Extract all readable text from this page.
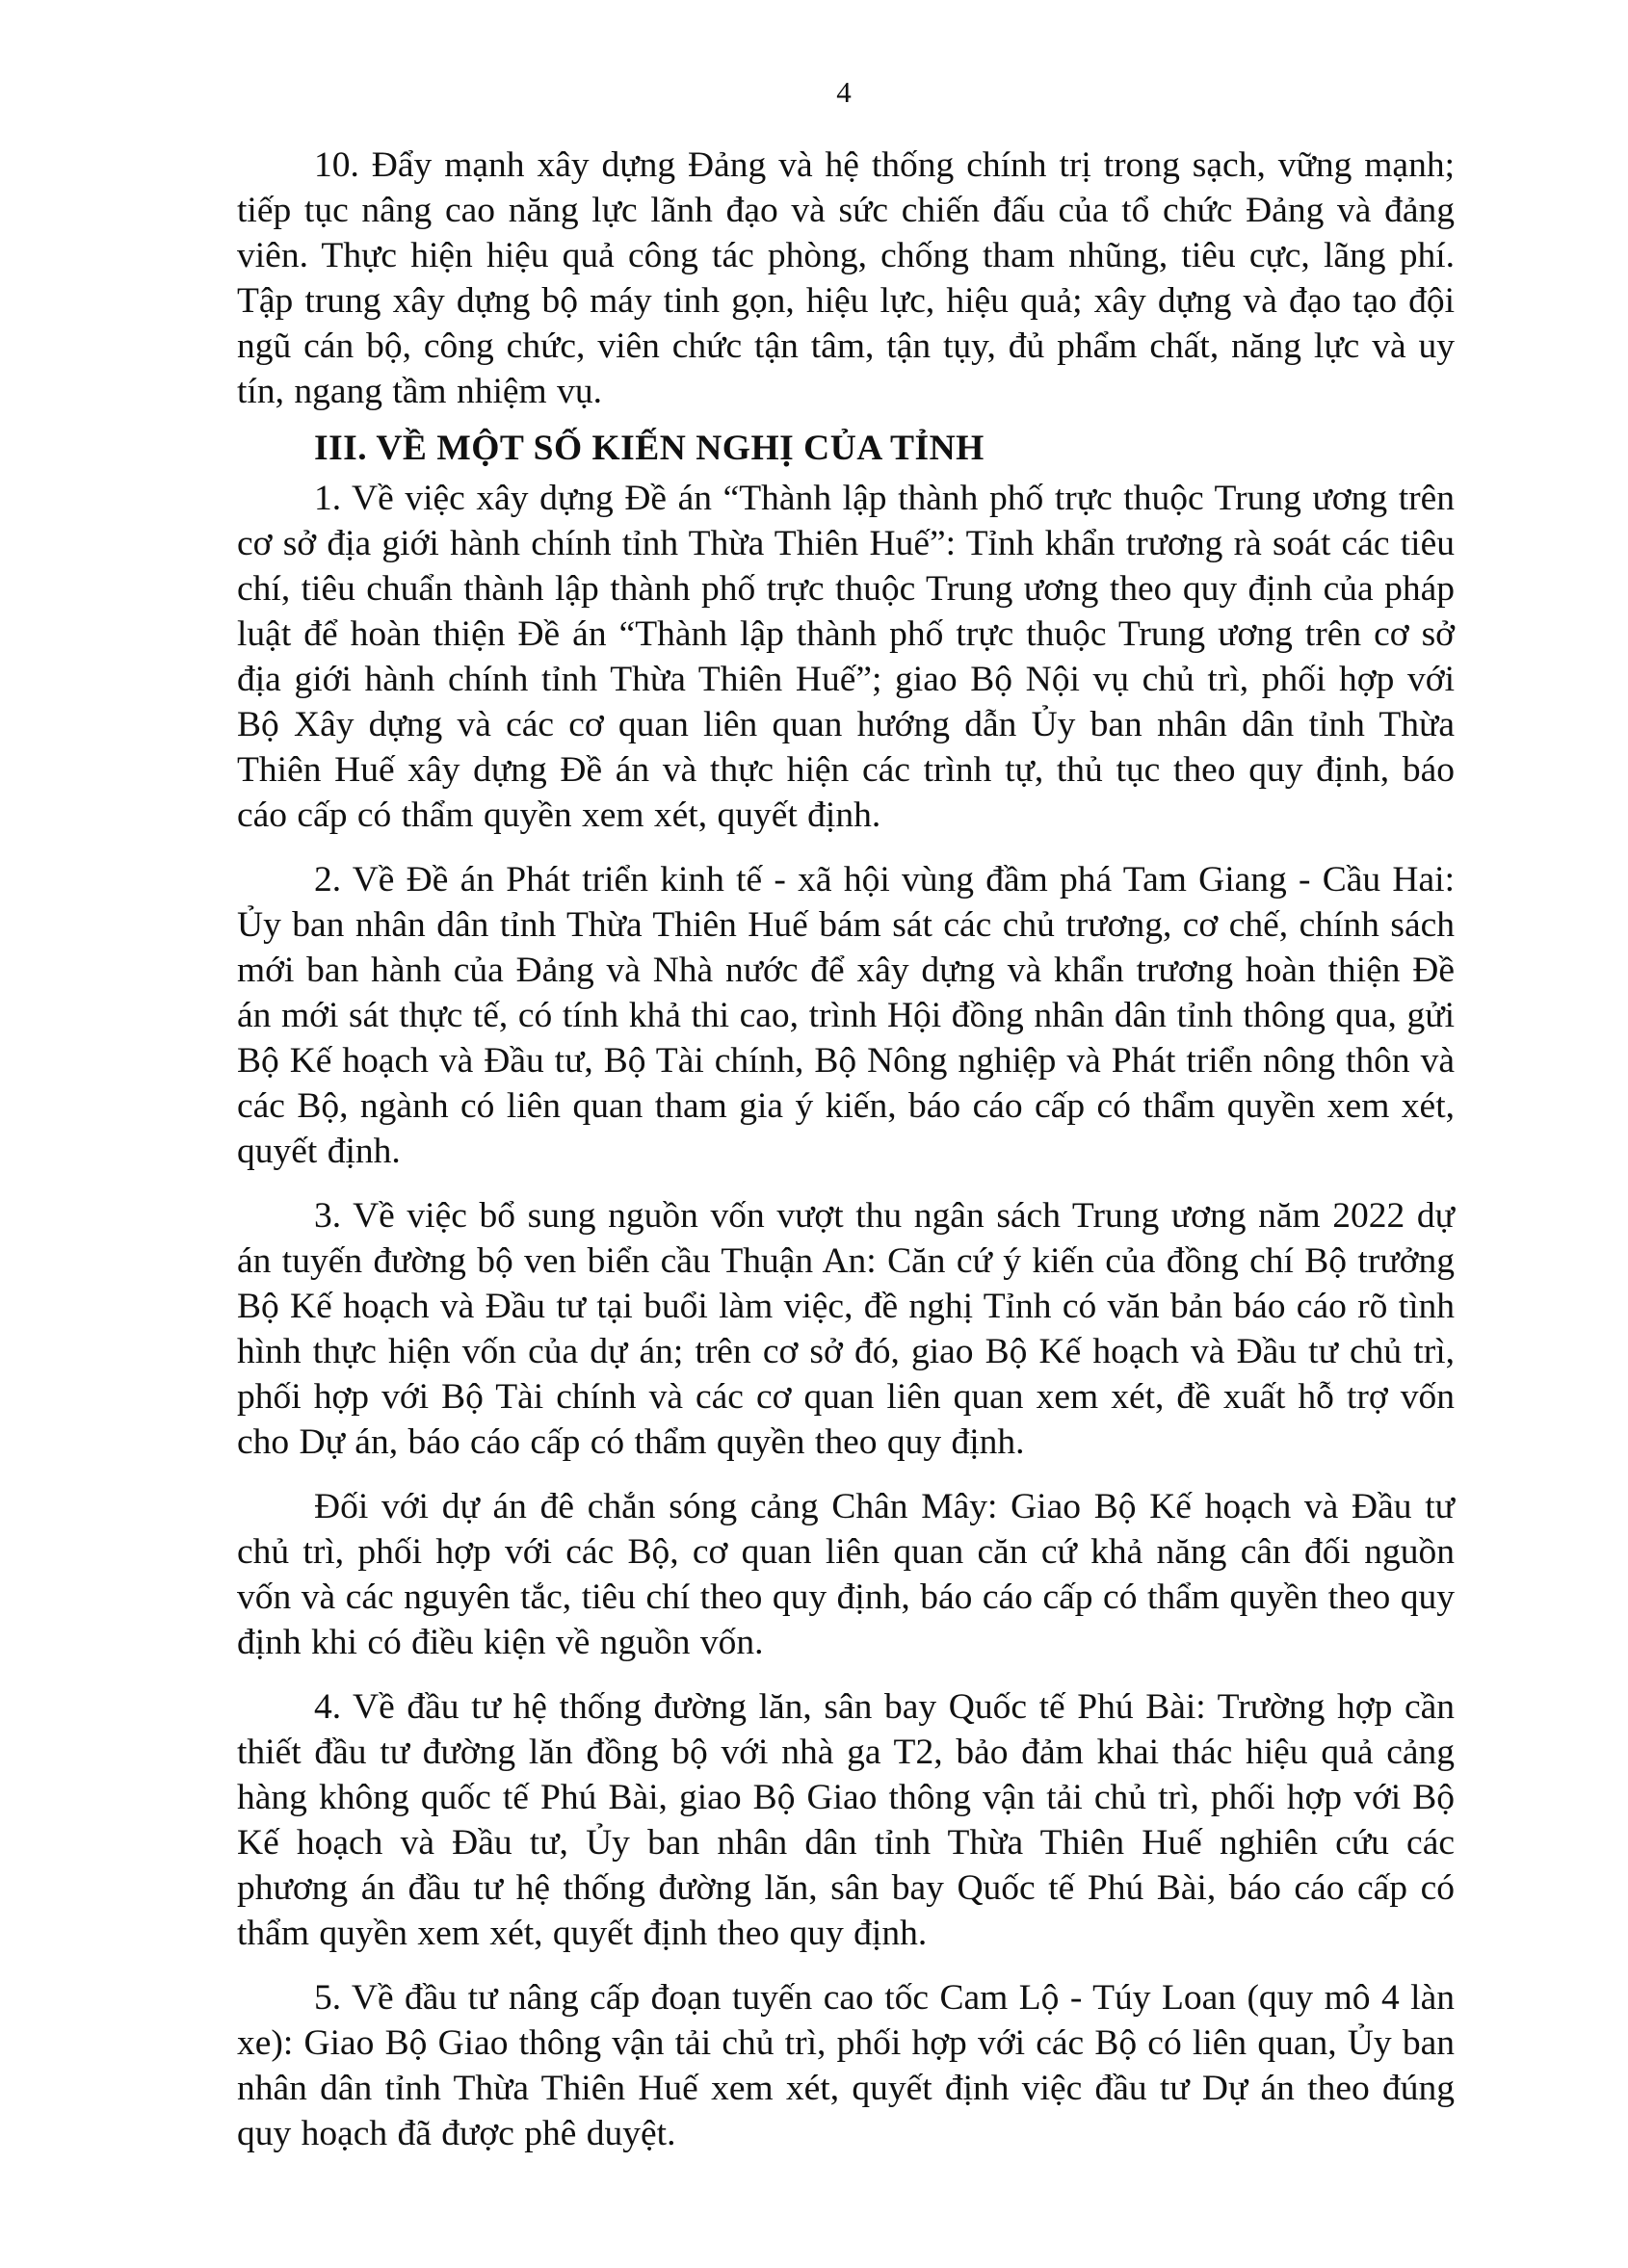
4

10. Đẩy mạnh xây dựng Đảng và hệ thống chính trị trong sạch, vững mạnh; tiếp tục nâng cao năng lực lãnh đạo và sức chiến đấu của tổ chức Đảng và đảng viên. Thực hiện hiệu quả công tác phòng, chống tham nhũng, tiêu cực, lãng phí. Tập trung xây dựng bộ máy tinh gọn, hiệu lực, hiệu quả; xây dựng và đạo tạo đội ngũ cán bộ, công chức, viên chức tận tâm, tận tụy, đủ phẩm chất, năng lực và uy tín, ngang tầm nhiệm vụ.

III. VỀ MỘT SỐ KIẾN NGHỊ CỦA TỈNH

1. Về việc xây dựng Đề án “Thành lập thành phố trực thuộc Trung ương trên cơ sở địa giới hành chính tỉnh Thừa Thiên Huế”: Tỉnh khẩn trương rà soát các tiêu chí, tiêu chuẩn thành lập thành phố trực thuộc Trung ương theo quy định của pháp luật để hoàn thiện Đề án “Thành lập thành phố trực thuộc Trung ương trên cơ sở địa giới hành chính tỉnh Thừa Thiên Huế”; giao Bộ Nội vụ chủ trì, phối hợp với Bộ Xây dựng và các cơ quan liên quan hướng dẫn Ủy ban nhân dân tỉnh Thừa Thiên Huế xây dựng Đề án và thực hiện các trình tự, thủ tục theo quy định, báo cáo cấp có thẩm quyền xem xét, quyết định.

2. Về Đề án Phát triển kinh tế - xã hội vùng đầm phá Tam Giang - Cầu Hai: Ủy ban nhân dân tỉnh Thừa Thiên Huế bám sát các chủ trương, cơ chế, chính sách mới ban hành của Đảng và Nhà nước để xây dựng và khẩn trương hoàn thiện Đề án mới sát thực tế, có tính khả thi cao, trình Hội đồng nhân dân tỉnh thông qua, gửi Bộ Kế hoạch và Đầu tư, Bộ Tài chính, Bộ Nông nghiệp và Phát triển nông thôn và các Bộ, ngành có liên quan tham gia ý kiến, báo cáo cấp có thẩm quyền xem xét, quyết định.

3. Về việc bổ sung nguồn vốn vượt thu ngân sách Trung ương năm 2022 dự án tuyến đường bộ ven biển cầu Thuận An: Căn cứ ý kiến của đồng chí Bộ trưởng Bộ Kế hoạch và Đầu tư tại buổi làm việc, đề nghị Tỉnh có văn bản báo cáo rõ tình hình thực hiện vốn của dự án; trên cơ sở đó, giao Bộ Kế hoạch và Đầu tư chủ trì, phối hợp với Bộ Tài chính và các cơ quan liên quan xem xét, đề xuất hỗ trợ vốn cho Dự án, báo cáo cấp có thẩm quyền theo quy định.

Đối với dự án đê chắn sóng cảng Chân Mây: Giao Bộ Kế hoạch và Đầu tư chủ trì, phối hợp với các Bộ, cơ quan liên quan căn cứ khả năng cân đối nguồn vốn và các nguyên tắc, tiêu chí theo quy định, báo cáo cấp có thẩm quyền theo quy định khi có điều kiện về nguồn vốn.

4. Về đầu tư hệ thống đường lăn, sân bay Quốc tế Phú Bài: Trường hợp cần thiết đầu tư đường lăn đồng bộ với nhà ga T2, bảo đảm khai thác hiệu quả cảng hàng không quốc tế Phú Bài, giao Bộ Giao thông vận tải chủ trì, phối hợp với Bộ Kế hoạch và Đầu tư, Ủy ban nhân dân tỉnh Thừa Thiên Huế nghiên cứu các phương án đầu tư hệ thống đường lăn, sân bay Quốc tế Phú Bài, báo cáo cấp có thẩm quyền xem xét, quyết định theo quy định.

5. Về đầu tư nâng cấp đoạn tuyến cao tốc Cam Lộ - Túy Loan (quy mô 4 làn xe): Giao Bộ Giao thông vận tải chủ trì, phối hợp với các Bộ có liên quan, Ủy ban nhân dân tỉnh Thừa Thiên Huế xem xét, quyết định việc đầu tư Dự án theo đúng quy hoạch đã được phê duyệt.
